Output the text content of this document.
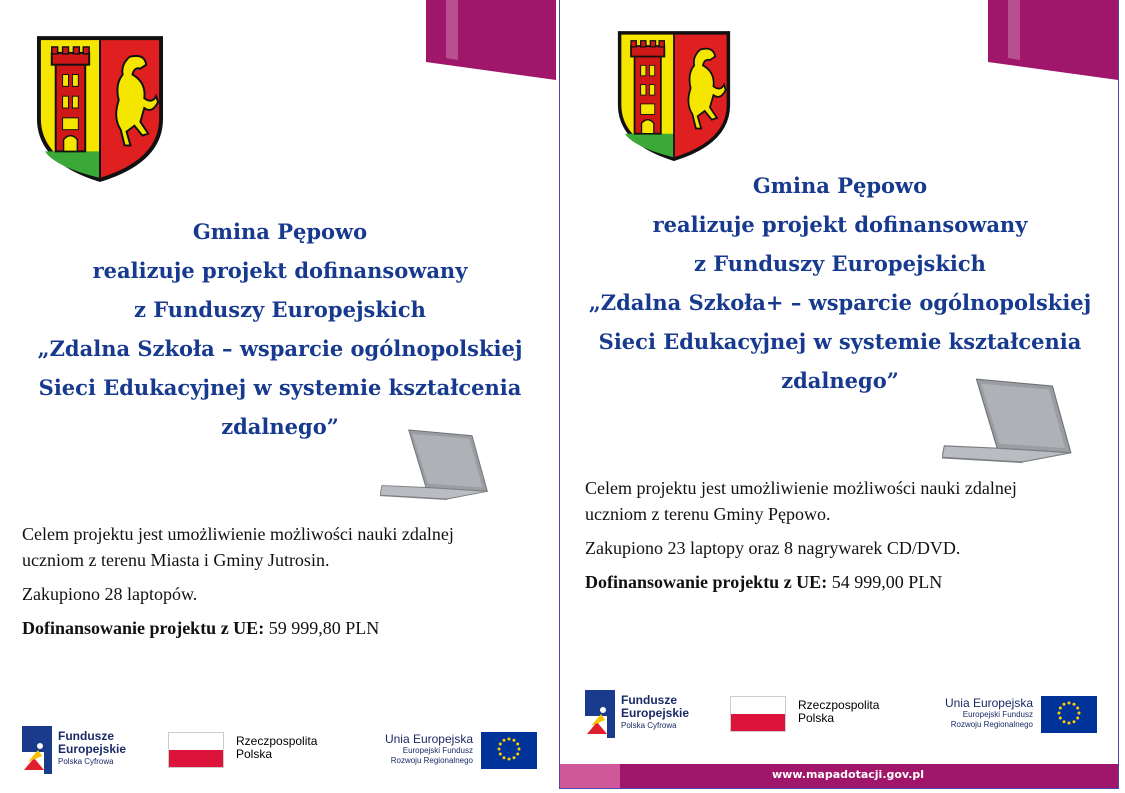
Gmina Pępowo
realizuje projekt dofinansowany
z Funduszy Europejskich
„Zdalna Szkoła – wsparcie ogólnopolskiej
Sieci Edukacyjnej w systemie kształcenia
zdalnego”

Celem projektu jest umożliwienie możliwości nauki zdalnej
uczniom z terenu Miasta i Gminy Jutrosin.

Zakupiono 28 laptopów.

Dofinansowanie projektu z UE: 59 999,80 PLN

Fundusze
Europejskie
Polska Cyfrowa
Rzeczpospolita
Polska
Unia Europejska
Europejski Fundusz
Rozwoju Regionalnego
Gmina Pępowo
realizuje projekt dofinansowany
z Funduszy Europejskich
„Zdalna Szkoła+ – wsparcie ogólnopolskiej
Sieci Edukacyjnej w systemie kształcenia
zdalnego”

Celem projektu jest umożliwienie możliwości nauki zdalnej
uczniom z terenu Gminy Pępowo.

Zakupiono 23 laptopy oraz 8 nagrywarek CD/DVD.

Dofinansowanie projektu z UE: 54 999,00 PLN

Fundusze
Europejskie
Polska Cyfrowa
Rzeczpospolita
Polska
Unia Europejska
Europejski Fundusz
Rozwoju Regionalnego
www.mapadotacji.gov.pl
